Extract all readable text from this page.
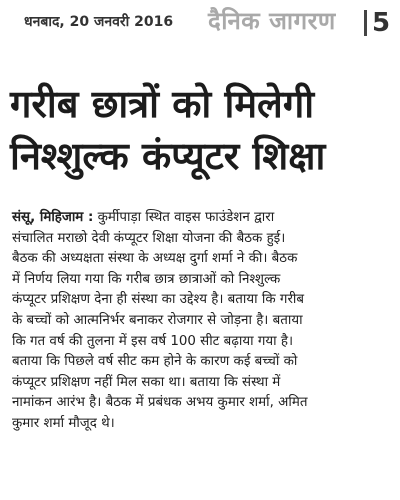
धनबाद, 20 जनवरी 2016 दैनिक जागरण 5
गरीब छात्रों को मिलेगी
निश्शुल्क कंप्यूटर शिक्षा
संसू, मिहिजाम : कुर्मीपाड़ा स्थित वाइस फाउंडेशन द्वारा
संचालित मराछो देवी कंप्यूटर शिक्षा योजना की बैठक हुई।
बैठक की अध्यक्षता संस्था के अध्यक्ष दुर्गा शर्मा ने की। बैठक
में निर्णय लिया गया कि गरीब छात्र छात्राओं को निश्शुल्क
कंप्यूटर प्रशिक्षण देना ही संस्था का उद्देश्य है। बताया कि गरीब
के बच्चों को आत्मनिर्भर बनाकर रोजगार से जोड़ना है। बताया
कि गत वर्ष की तुलना में इस वर्ष 100 सीट बढ़ाया गया है।
बताया कि पिछले वर्ष सीट कम होने के कारण कई बच्चों को
कंप्यूटर प्रशिक्षण नहीं मिल सका था। बताया कि संस्था में
नामांकन आरंभ है। बैठक में प्रबंधक अभय कुमार शर्मा, अमित
कुमार शर्मा मौजूद थे।
